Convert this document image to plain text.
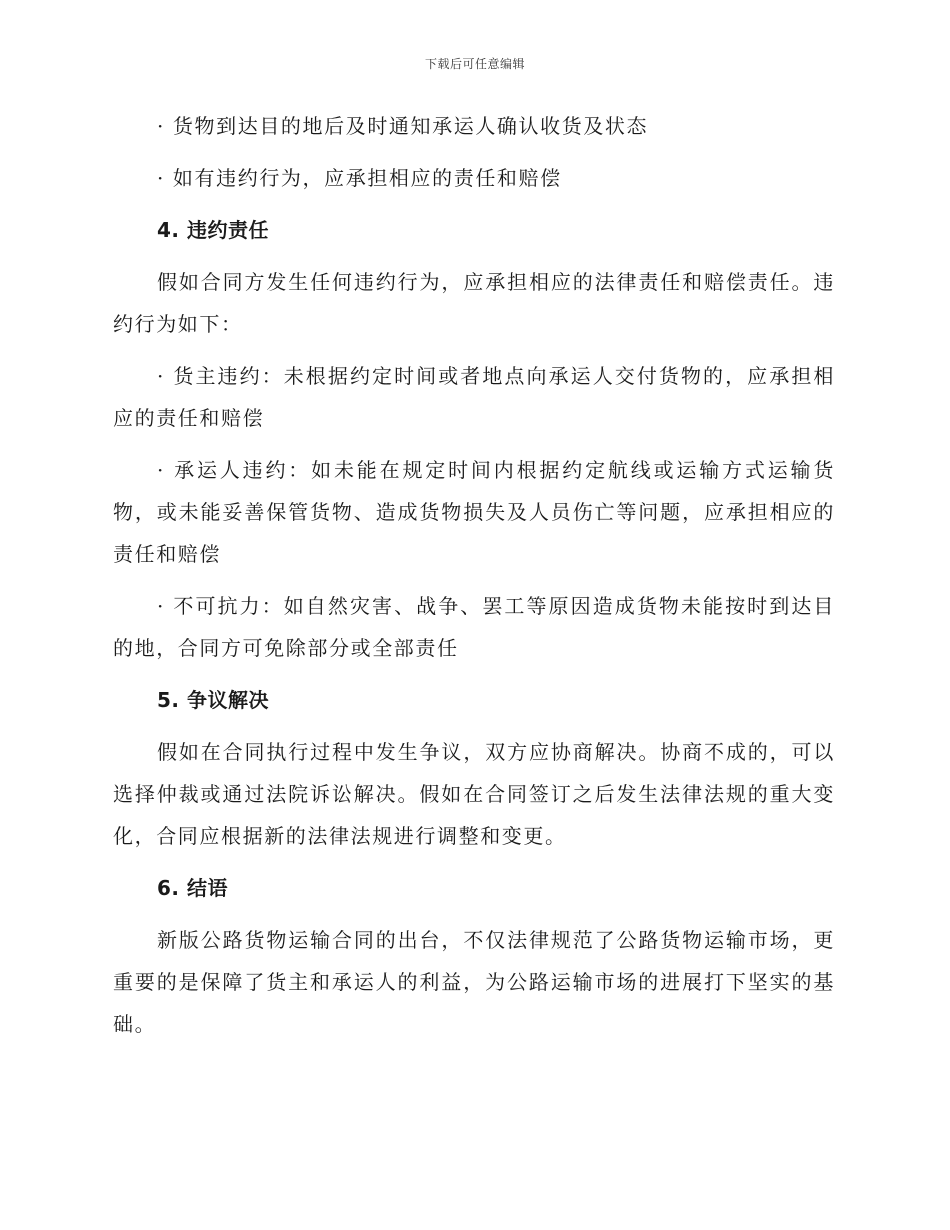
下载后可任意编辑

· 货物到达目的地后及时通知承运人确认收货及状态

· 如有违约行为，应承担相应的责任和赔偿

4. 违约责任

假如合同方发生任何违约行为，应承担相应的法律责任和赔偿责任。违约行为如下：

· 货主违约：未根据约定时间或者地点向承运人交付货物的，应承担相应的责任和赔偿

· 承运人违约：如未能在规定时间内根据约定航线或运输方式运输货物，或未能妥善保管货物、造成货物损失及人员伤亡等问题，应承担相应的责任和赔偿

· 不可抗力：如自然灾害、战争、罢工等原因造成货物未能按时到达目的地，合同方可免除部分或全部责任

5. 争议解决

假如在合同执行过程中发生争议，双方应协商解决。协商不成的，可以选择仲裁或通过法院诉讼解决。假如在合同签订之后发生法律法规的重大变化，合同应根据新的法律法规进行调整和变更。

6. 结语

新版公路货物运输合同的出台，不仅法律规范了公路货物运输市场，更重要的是保障了货主和承运人的利益，为公路运输市场的进展打下坚实的基础。
